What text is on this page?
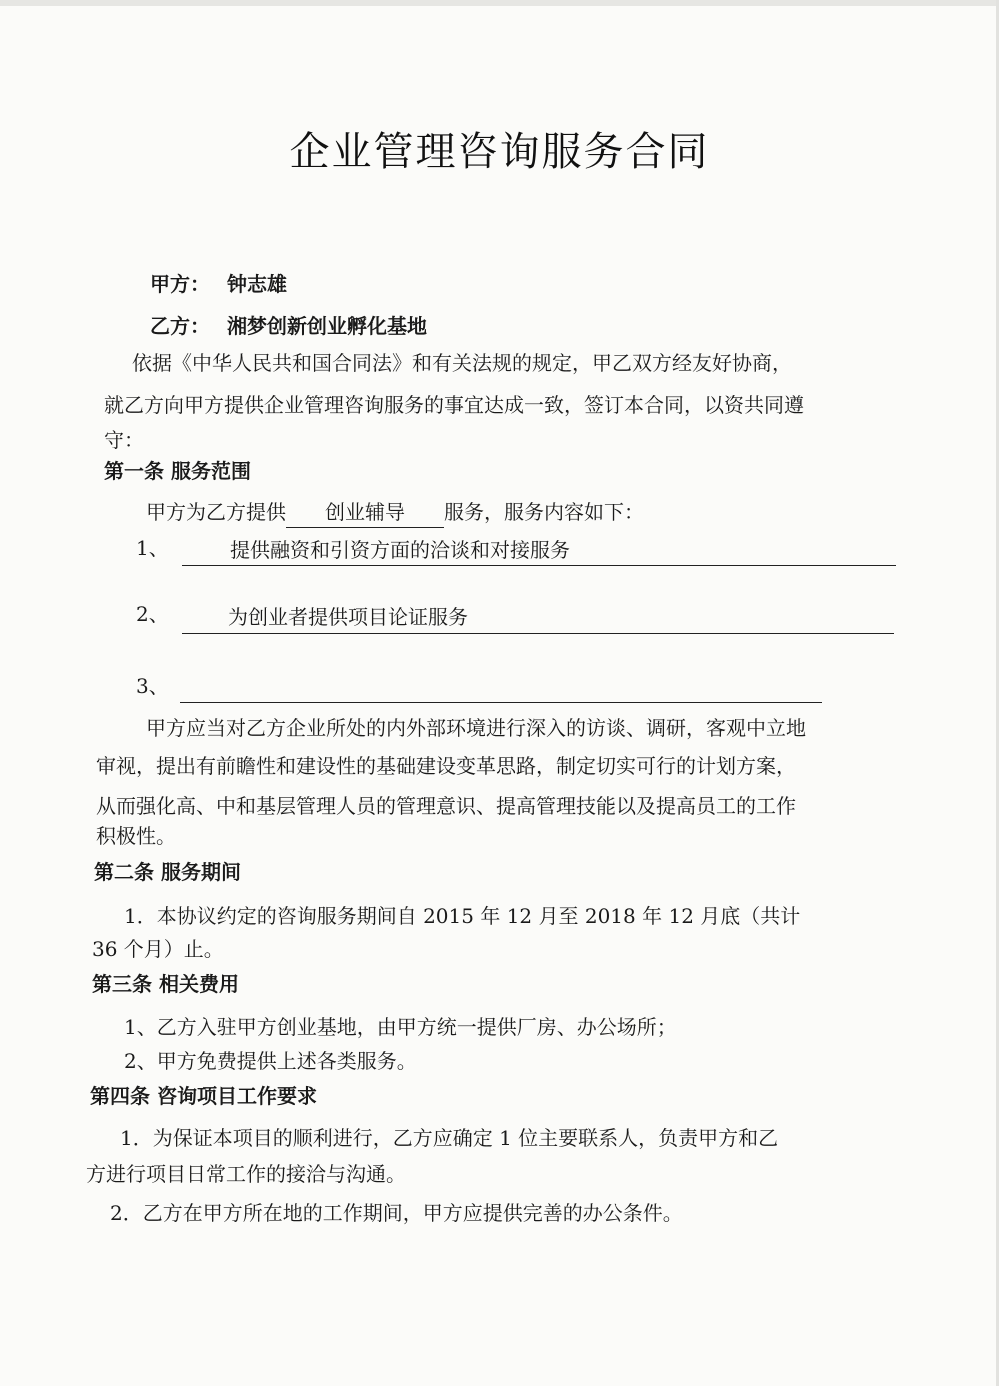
企业管理咨询服务合同
甲方： 钟志雄
乙方： 湘梦创新创业孵化基地
依据《中华人民共和国合同法》和有关法规的规定，甲乙双方经友好协商，
就乙方向甲方提供企业管理咨询服务的事宜达成一致，签订本合同，以资共同遵
守：
第一条 服务范围
甲方为乙方提供 创业辅导 服务，服务内容如下：
1、	提供融资和引资方面的洽谈和对接服务
2、	为创业者提供项目论证服务
3、
甲方应当对乙方企业所处的内外部环境进行深入的访谈、调研，客观中立地
审视，提出有前瞻性和建设性的基础建设变革思路，制定切实可行的计划方案，
从而强化高、中和基层管理人员的管理意识、提高管理技能以及提高员工的工作
积极性。
第二条 服务期间
1．本协议约定的咨询服务期间自 2015 年 12 月至 2018 年 12 月底（共计
36 个月）止。
第三条 相关费用
1、乙方入驻甲方创业基地，由甲方统一提供厂房、办公场所；
2、甲方免费提供上述各类服务。
第四条 咨询项目工作要求
1．为保证本项目的顺利进行，乙方应确定 1 位主要联系人，负责甲方和乙
方进行项目日常工作的接洽与沟通。
2．乙方在甲方所在地的工作期间，甲方应提供完善的办公条件。
